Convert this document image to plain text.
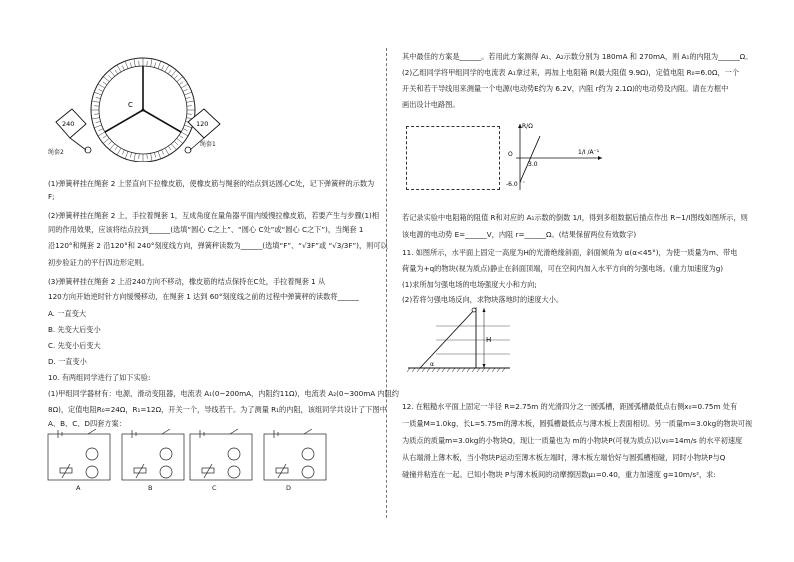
C
240	120
绳套2
绳套1
(1)弹簧秤挂在绳套 2 上竖直向下拉橡皮筋，使橡皮筋与绳套的结点到达圆心C处，记下弹簧秤的示数为
F;
(2)弹簧秤挂在绳套 2 上，手拉着绳套 1，互成角度在量角器平面内缓慢拉橡皮筋，若要产生与步骤(1)相
同的作用效果，应该将结点拉到______(选填“圆心 C之上”、“圆心 C处”或“圆心 C之下”)，当绳套 1
沿120°和绳套 2 沿120°和 240°刻度线方向，弹簧秤读数为______(选填“F”、“√3F”或 “√3/3F”)，则可以
初步验证力的平行四边形定则。
(3)弹簧秤挂在绳套 2 上沿240方向不移动，橡皮筋的结点保持在C处，手拉着绳套 1 从
120方向开始逆时针方向缓慢移动，在绳套 1 达到 60°刻度线之前的过程中弹簧秤的读数将______
A. 一直变大
B. 先变大后变小
C. 先变小后变大
D. 一直变小
10. 有两组同学进行了如下实验:
(1)甲组同学器材有：电源，滑动变阻器，电流表 A₁(0~200mA，内阻约11Ω)，电流表 A₂(0~300mA 内阻约
8Ω)，定值电阻R₀=24Ω，R₁=12Ω，开关一个，导线若干。为了测量 R₁的内阻，该组同学共设计了下图中
A、B、C、D四套方案：
A	B	C	D
其中最佳的方案是______。若用此方案测得 A₁、A₂示数分别为 180mA 和 270mA，则 A₁的内阻为______Ω。
(2)乙组同学将甲组同学的电流表 A₁拿过来，再加上电阻箱 R(最大阻值 9.9Ω)，定值电阻 R₀=6.0Ω，一个
开关和若干导线用来测量一个电源(电动势E约为 6.2V，内阻 r约为 2.1Ω)的电动势及内阻。请在方框中
画出设计电路图。
O
3.0
-6.0
R/Ω
1/I /A⁻¹
若记录实验中电阻箱的阻值 R和对应的 A₁示数的倒数 1/I，得到多组数据后描点作出 R−1/I图线如图所示，则
该电源的电动势 E=______V，内阻 r=______Ω。(结果保留两位有效数字)
11. 如图所示，水平面上固定一高度为H的光滑绝缘斜面，斜面倾角为 α(α<45°)，为使一质量为m、带电
荷量为+q的物块(视为质点)静止在斜面顶端，可在空间内加入水平方向的匀强电场。(重力加速度为g)
(1)求所加匀强电场的电场强度大小和方向;
(2)若将匀强电场反向，求物块落地时的速度大小。
H
α
12. 在粗糙水平面上固定一半径 R=2.75m 的光滑四分之一圆弧槽，距圆弧槽最低点右侧x₀=0.75m 处有
一质量M=1.0kg、长L=5.75m的薄木板，圆弧槽最低点与薄木板上表面相切。另一质量m=3.0kg的物块可视
为质点的质量m=3.0kg的小物块Q，现让一质量也为 m的小物块P(可视为质点)以v₀=14m/s 的水平初速度
从右端滑上薄木板，当小物块P运动至薄木板左端时，薄木板左端恰好与圆弧槽相碰，同时小物块P与Q
碰撞并粘连在一起。已知小物块 P与薄木板间的动摩擦因数μ₁=0.40，重力加速度 g=10m/s²，求:
